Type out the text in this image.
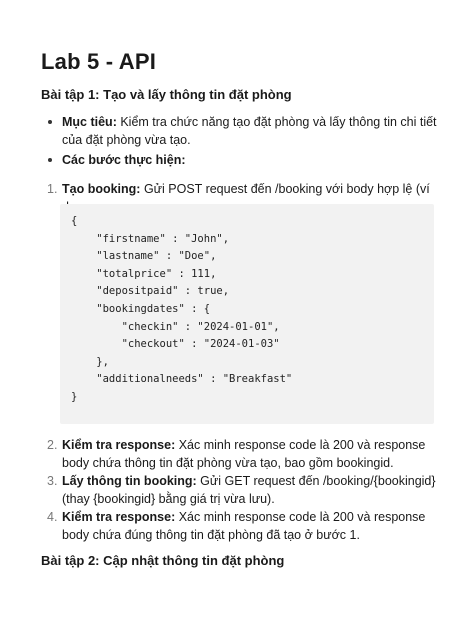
Lab 5 - API
Bài tập 1: Tạo và lấy thông tin đặt phòng
Mục tiêu: Kiểm tra chức năng tạo đặt phòng và lấy thông tin chi tiết của đặt phòng vừa tạo.
Các bước thực hiện:
1. Tạo booking: Gửi POST request đến /booking với body hợp lệ (ví
{
"firstname" : "John",
"lastname" : "Doe",
"totalprice" : 111,
"depositpaid" : true,
"bookingdates" : {
"checkin" : "2024-01-01",
"checkout" : "2024-01-03"
},
"additionalneeds" : "Breakfast"
}
2. Kiểm tra response: Xác minh response code là 200 và response body chứa thông tin đặt phòng vừa tạo, bao gồm bookingid.
3. Lấy thông tin booking: Gửi GET request đến /booking/{bookingid} (thay {bookingid} bằng giá trị vừa lưu).
4. Kiểm tra response: Xác minh response code là 200 và response body chứa đúng thông tin đặt phòng đã tạo ở bước 1.
Bài tập 2: Cập nhật thông tin đặt phòng
